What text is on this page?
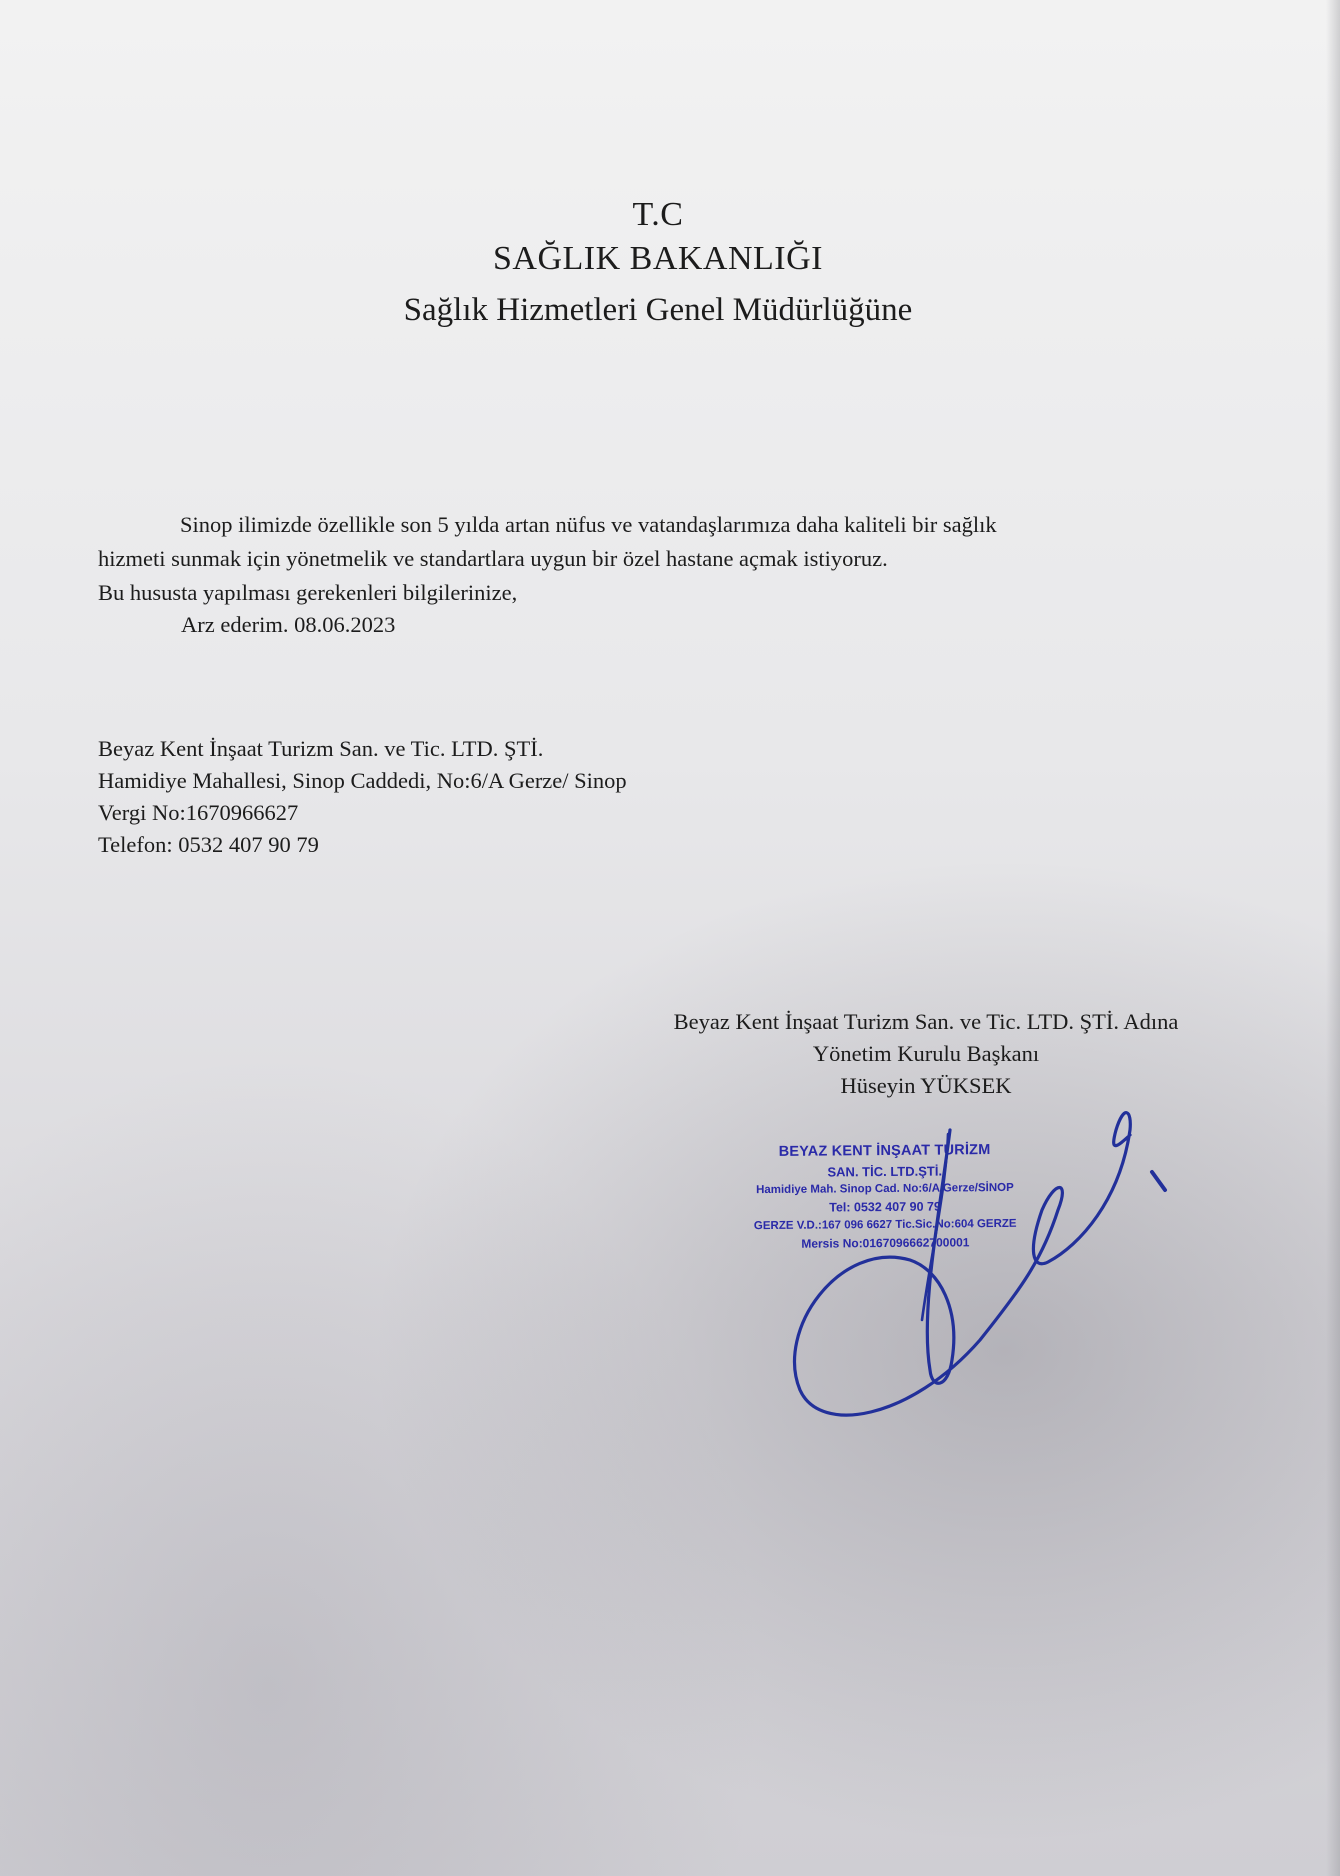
T.C
SAĞLIK BAKANLIĞI
Sağlık Hizmetleri Genel Müdürlüğüne
Sinop ilimizde özellikle son 5 yılda artan nüfus ve vatandaşlarımıza daha kaliteli bir sağlık
hizmeti sunmak için yönetmelik ve standartlara uygun bir özel hastane açmak istiyoruz.
Bu hususta yapılması gerekenleri bilgilerinize,
Arz ederim. 08.06.2023
Beyaz Kent İnşaat Turizm San. ve Tic. LTD. ŞTİ.
Hamidiye Mahallesi, Sinop Caddedi, No:6/A Gerze/ Sinop
Vergi No:1670966627
Telefon: 0532 407 90 79
Beyaz Kent İnşaat Turizm San. ve Tic. LTD. ŞTİ. Adına
Yönetim Kurulu Başkanı
Hüseyin YÜKSEK
BEYAZ KENT İNŞAAT TURİZM
SAN. TİC. LTD.ŞTİ.
Hamidiye Mah. Sinop Cad. No:6/A Gerze/SİNOP
Tel: 0532 407 90 79
GERZE V.D.:167 096 6627 Tic.Sic.No:604 GERZE
Mersis No:0167096662700001
